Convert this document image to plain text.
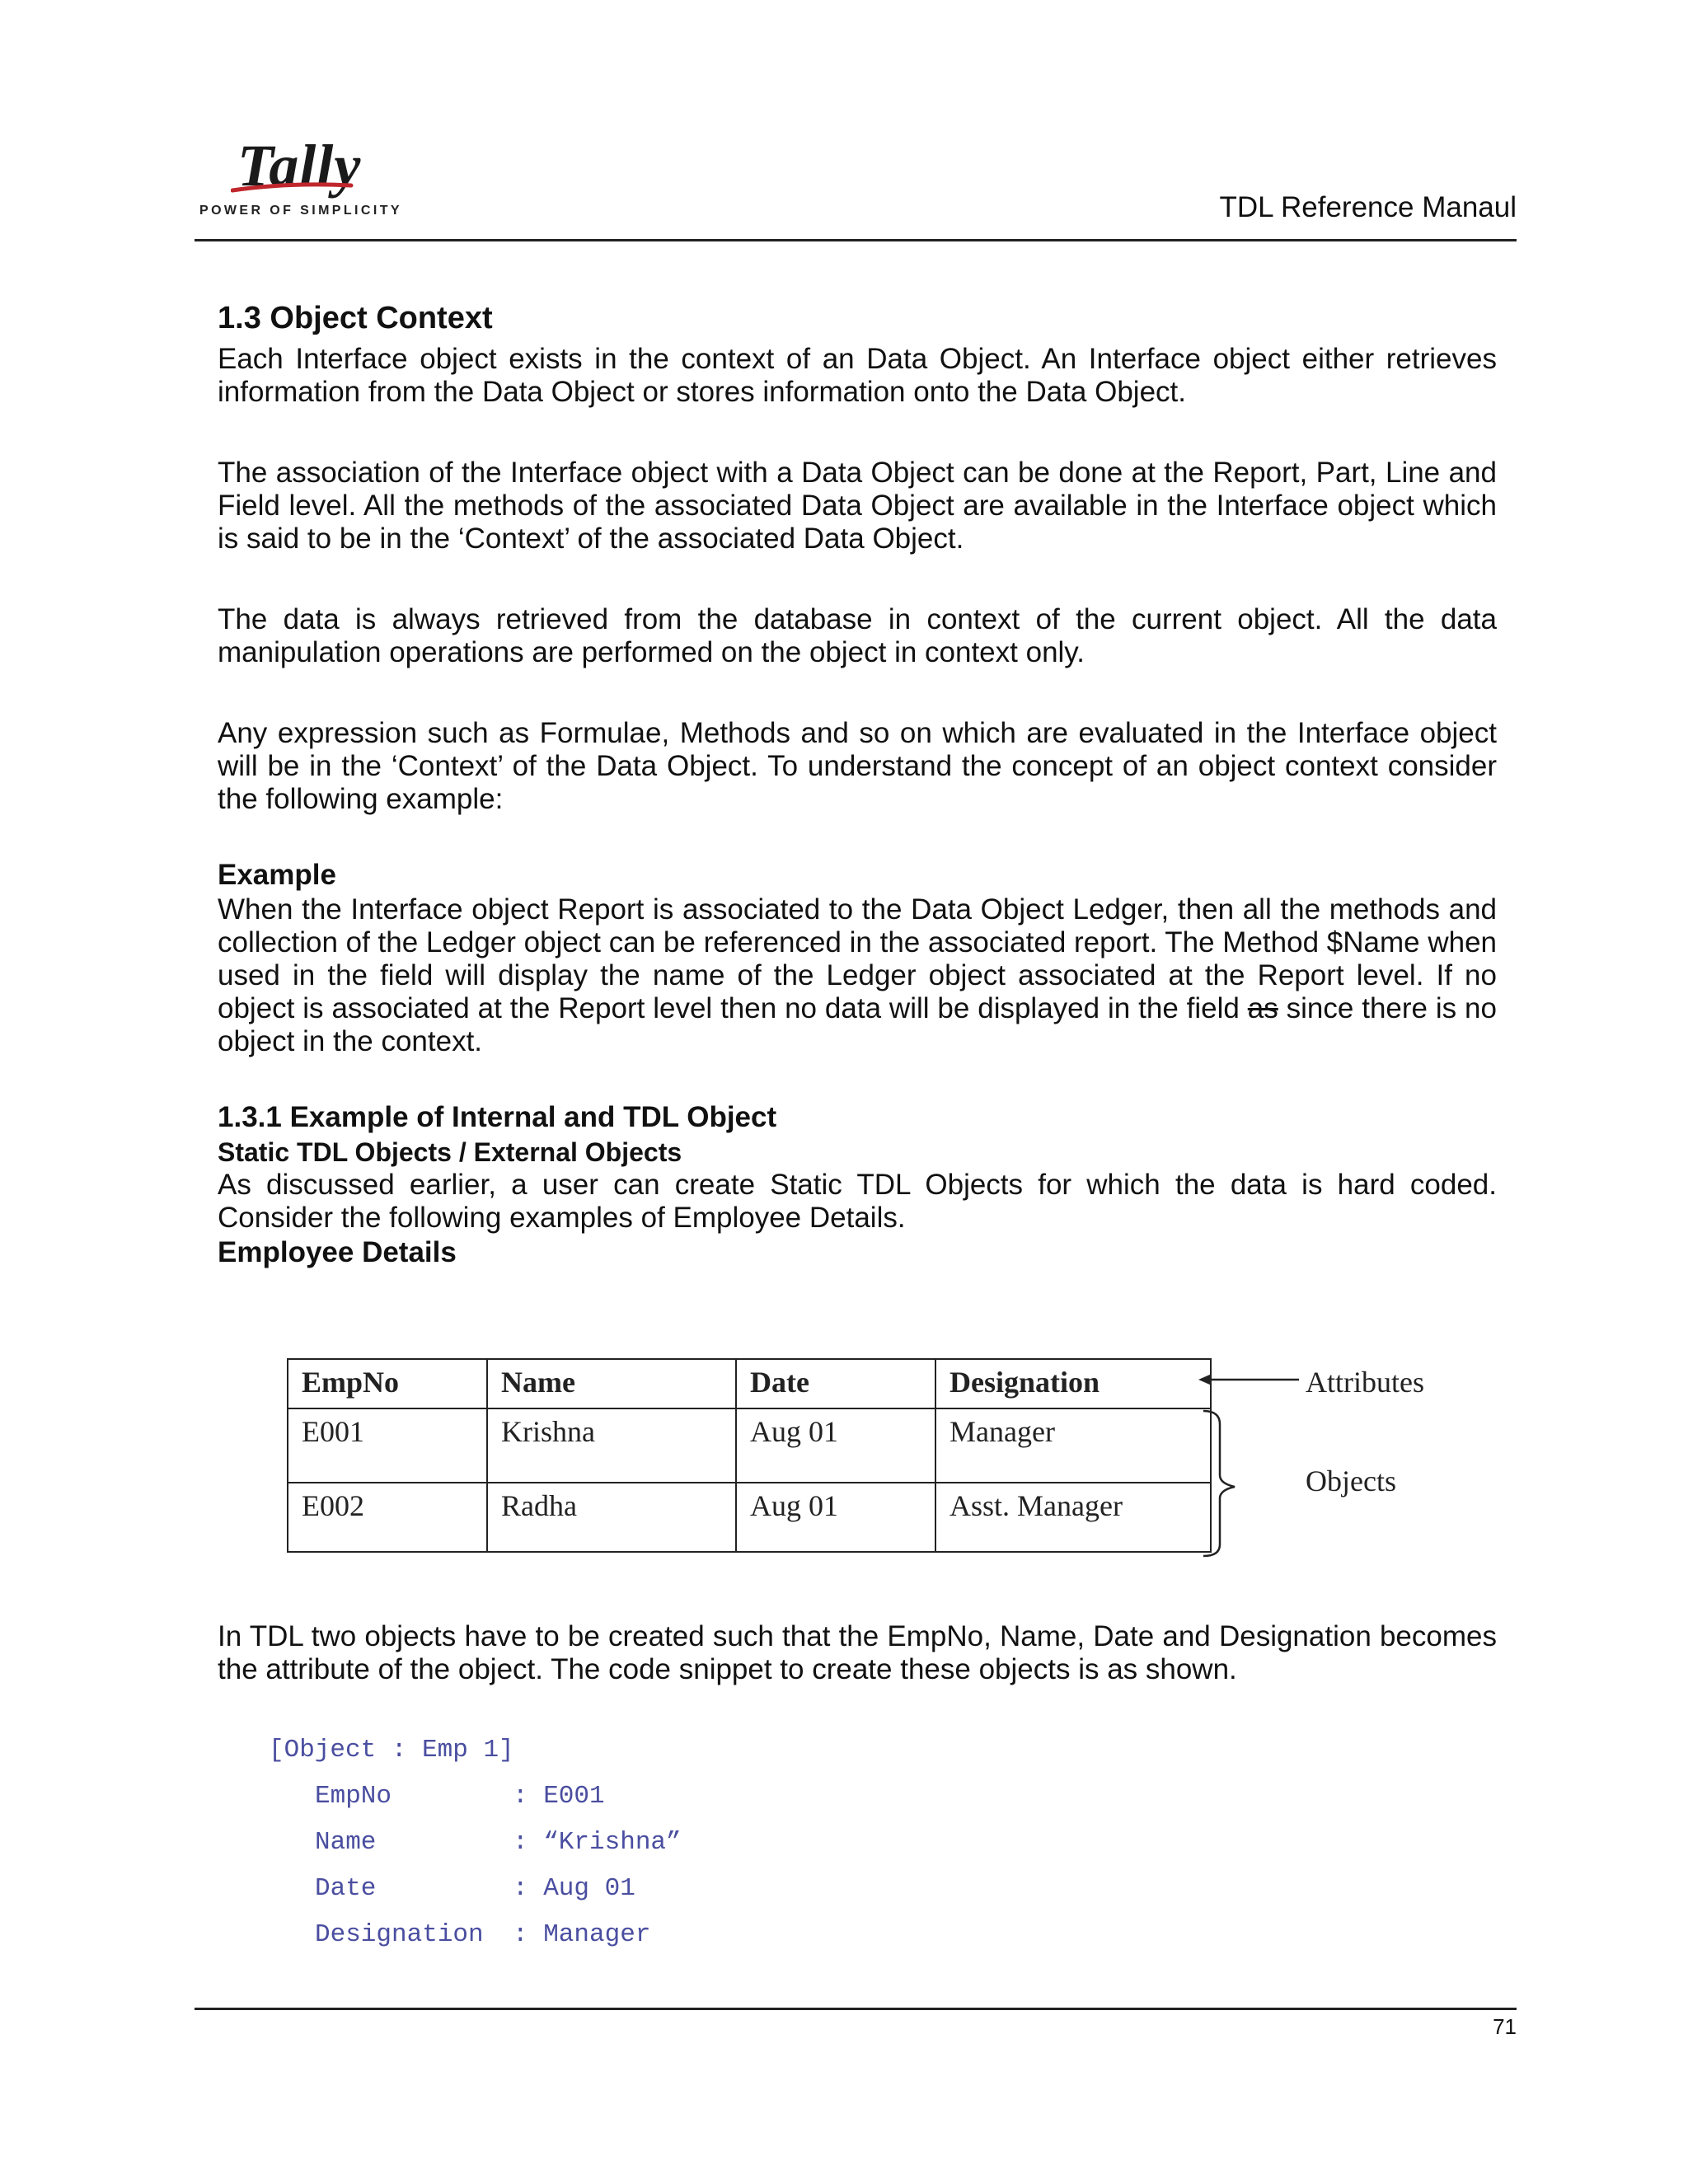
Tally
POWER OF SIMPLICITY	TDL Reference Manaul
1.3 Object Context

Each Interface object exists in the context of an Data Object. An Interface object either retrieves information from the Data Object or stores information onto the Data Object.

The association of the Interface object with a Data Object can be done at the Report, Part, Line and Field level. All the methods of the associated Data Object are available in the Interface object which is said to be in the ‘Context’ of the associated Data Object.

The data is always retrieved from the database in context of the current object. All the data manipulation operations are performed on the object in context only.

Any expression such as Formulae, Methods and so on which are evaluated in the Interface object will be in the ‘Context’ of the Data Object. To understand the concept of an object context consider the following example:

Example

When the Interface object Report is associated to the Data Object Ledger, then all the methods and collection of the Ledger object can be referenced in the associated report. The Method $Name when used in the field will display the name of the Ledger object associated at the Report level. If no object is associated at the Report level then no data will be displayed in the field as since there is no object in the context.

1.3.1 Example of Internal and TDL Object
Static TDL Objects / External Objects

As discussed earlier, a user can create Static TDL Objects for which the data is hard coded. Consider the following examples of Employee Details.

Employee Details
EmpNo	Name	Date	Designation
E001	Krishna	Aug 01	Manager
E002	Radha	Aug 01	Asst. Manager
Attributes
Objects

In TDL two objects have to be created such that the EmpNo, Name, Date and Designation becomes the attribute of the object. The code snippet to create these objects is as shown.

[Object : Emp 1]
EmpNo	: E001
Name	: “Krishna”
Date	: Aug 01
Designation : Manager
71
